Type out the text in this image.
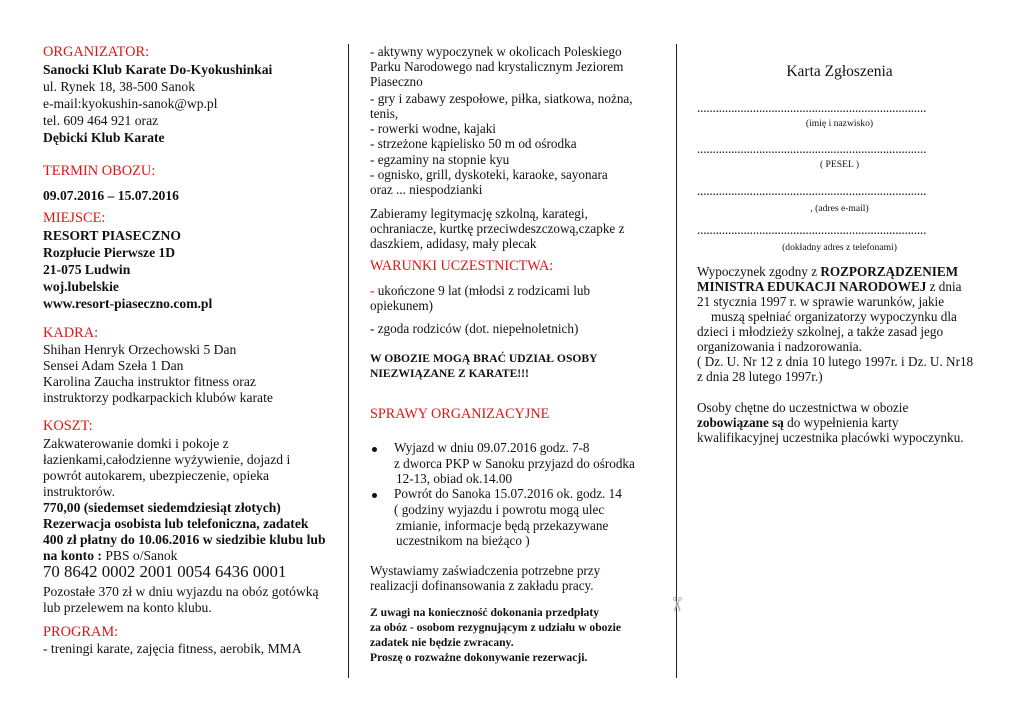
✂
ORGANIZATOR:
Sanocki Klub Karate Do-Kyokushinkai
ul. Rynek 18, 38-500 Sanok
e-mail:kyokushin-sanok@wp.pl
tel. 609 464 921 oraz
Dębicki Klub Karate
TERMIN OBOZU:
09.07.2016 – 15.07.2016
MIEJSCE:
RESORT PIASECZNO
Rozpłucie Pierwsze 1D
21-075 Ludwin
woj.lubelskie
www.resort-piaseczno.com.pl
KADRA:
Shihan Henryk Orzechowski 5 Dan
Sensei Adam Szeła 1 Dan
Karolina Zaucha instruktor fitness oraz
instruktorzy podkarpackich klubów karate
KOSZT:
Zakwaterowanie domki i pokoje z
łazienkami,całodzienne wyżywienie, dojazd i
powrót autokarem, ubezpieczenie, opieka
instruktorów.
770,00 (siedemset siedemdziesiąt złotych)
Rezerwacja osobista lub telefoniczna, zadatek
400 zł płatny do 10.06.2016 w siedzibie klubu lub
na konto : PBS o/Sanok
70 8642 0002 2001 0054 6436 0001
Pozostałe 370 zł w dniu wyjazdu na obóz gotówką
lub przelewem na konto klubu.
PROGRAM:
- treningi karate, zajęcia fitness, aerobik, MMA
- aktywny wypoczynek w okolicach Poleskiego
Parku Narodowego nad krystalicznym Jeziorem
Piaseczno
- gry i zabawy zespołowe, piłka, siatkowa, nożna,
tenis,
- rowerki wodne, kajaki
- strzeżone kąpielisko 50 m od ośrodka
- egzaminy na stopnie kyu
- ognisko, grill, dyskoteki, karaoke, sayonara
oraz ... niespodzianki
Zabieramy legitymację szkolną, karategi,
ochraniacze, kurtkę przeciwdeszczową,czapke z
daszkiem, adidasy, mały plecak
WARUNKI UCZESTNICTWA:
- ukończone 9 lat (młodsi z rodzicami lub
opiekunem)
- zgoda rodziców (dot. niepełnoletnich)
W OBOZIE MOGĄ BRAĆ UDZIAŁ OSOBY
NIEZWIĄZANE Z KARATE!!!
SPRAWY ORGANIZACYJNE
Wyjazd w dniu 09.07.2016 godz. 7-8
z dworca PKP w Sanoku przyjazd do ośrodka
12-13, obiad ok.14.00
Powrót do Sanoka 15.07.2016 ok. godz. 14
( godziny wyjazdu i powrotu mogą ulec
zmianie, informacje będą przekazywane
uczestnikom na bieżąco )
Wystawiamy zaświadczenia potrzebne przy
realizacji dofinansowania z zakładu pracy.
Z uwagi na konieczność dokonania przedpłaty
za obóz - osobom rezygnującym z udziału w obozie
zadatek nie będzie zwracany.
Proszę o rozważne dokonywanie rezerwacji.
Karta Zgłoszenia
..........................................................................
(imię i nazwisko)
..........................................................................
( PESEL )
..........................................................................
, (adres e-mail)
..........................................................................
(dokładny adres z telefonami)
Wypoczynek zgodny z ROZPORZĄDZENIEM
MINISTRA EDUKACJI NARODOWEJ z dnia
21 stycznia 1997 r. w sprawie warunków, jakie
muszą spełniać organizatorzy wypoczynku dla
dzieci i młodzieży szkolnej, a także zasad jego
organizowania i nadzorowania.
( Dz. U. Nr 12 z dnia 10 lutego 1997r. i Dz. U. Nr18
z dnia 28 lutego 1997r.)
Osoby chętne do uczestnictwa w obozie
zobowiązane są do wypełnienia karty
kwalifikacyjnej uczestnika placówki wypoczynku.
